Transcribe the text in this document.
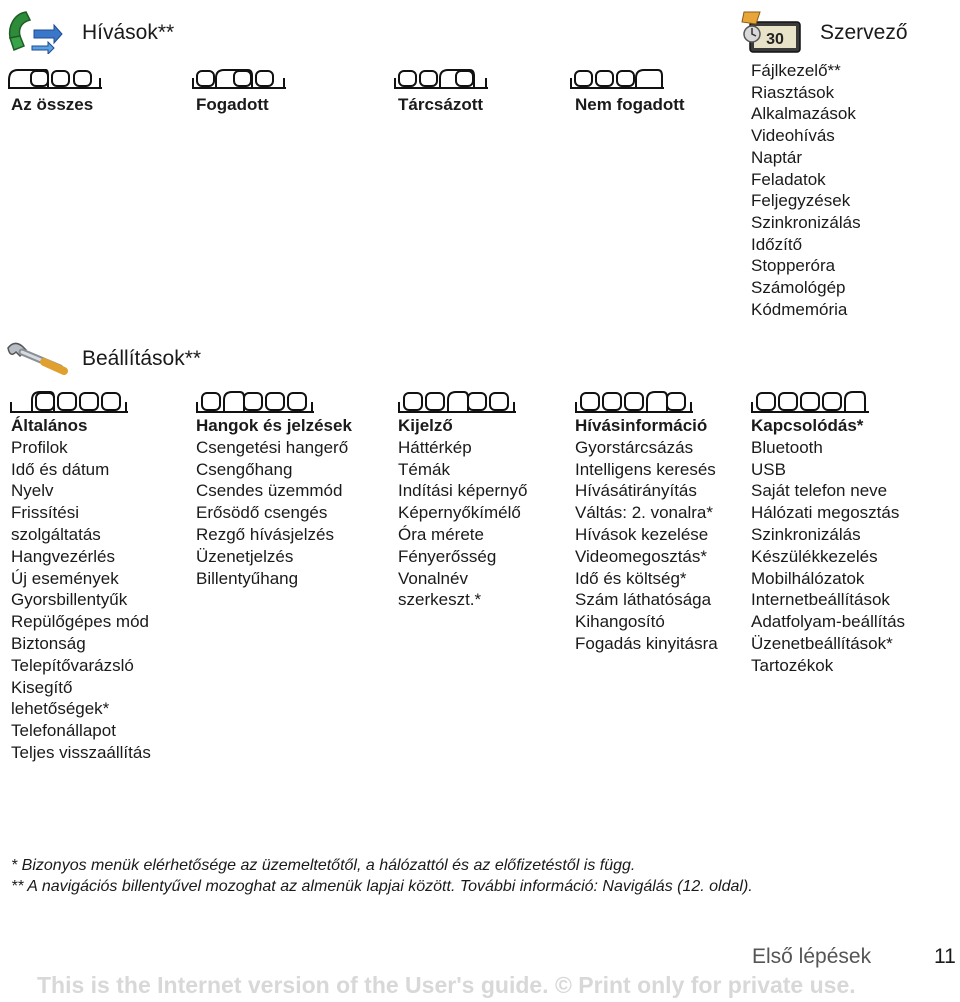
Hívások**
Az összes	Fogadott	Tárcsázott	Nem fogadott
30 Szervező
Fájlkezelő**
Riasztások
Alkalmazások
Videohívás
Naptár
Feladatok
Feljegyzések
Szinkronizálás
Időzítő
Stopperóra
Számológép
Kódmemória
Beállítások**
Általános
Profilok
Idő és dátum
Nyelv
Frissítési
szolgáltatás
Hangvezérlés
Új események
Gyorsbillentyűk
Repülőgépes mód
Biztonság
Telepítővarázsló
Kisegítő
lehetőségek*
Telefonállapot
Teljes visszaállítás
Hangok és jelzések
Csengetési hangerő
Csengőhang
Csendes üzemmód
Erősödő csengés
Rezgő hívásjelzés
Üzenetjelzés
Billentyűhang
Kijelző
Háttérkép
Témák
Indítási képernyő
Képernyőkímélő
Óra mérete
Fényerősség
Vonalnév
szerkeszt.*
Hívásinformáció
Gyorstárcsázás
Intelligens keresés
Hívásátirányítás
Váltás: 2. vonalra*
Hívások kezelése
Videomegosztás*
Idő és költség*
Szám láthatósága
Kihangosító
Fogadás kinyitásra
Kapcsolódás*
Bluetooth
USB
Saját telefon neve
Hálózati megosztás
Szinkronizálás
Készülékkezelés
Mobilhálózatok
Internetbeállítások
Adatfolyam-beállítás
Üzenetbeállítások*
Tartozékok
* Bizonyos menük elérhetősége az üzemeltetőtől, a hálózattól és az előfizetéstől is függ.
** A navigációs billentyűvel mozoghat az almenük lapjai között. További információ: Navigálás (12. oldal).
Első lépések	11
This is the Internet version of the User's guide. © Print only for private use.
